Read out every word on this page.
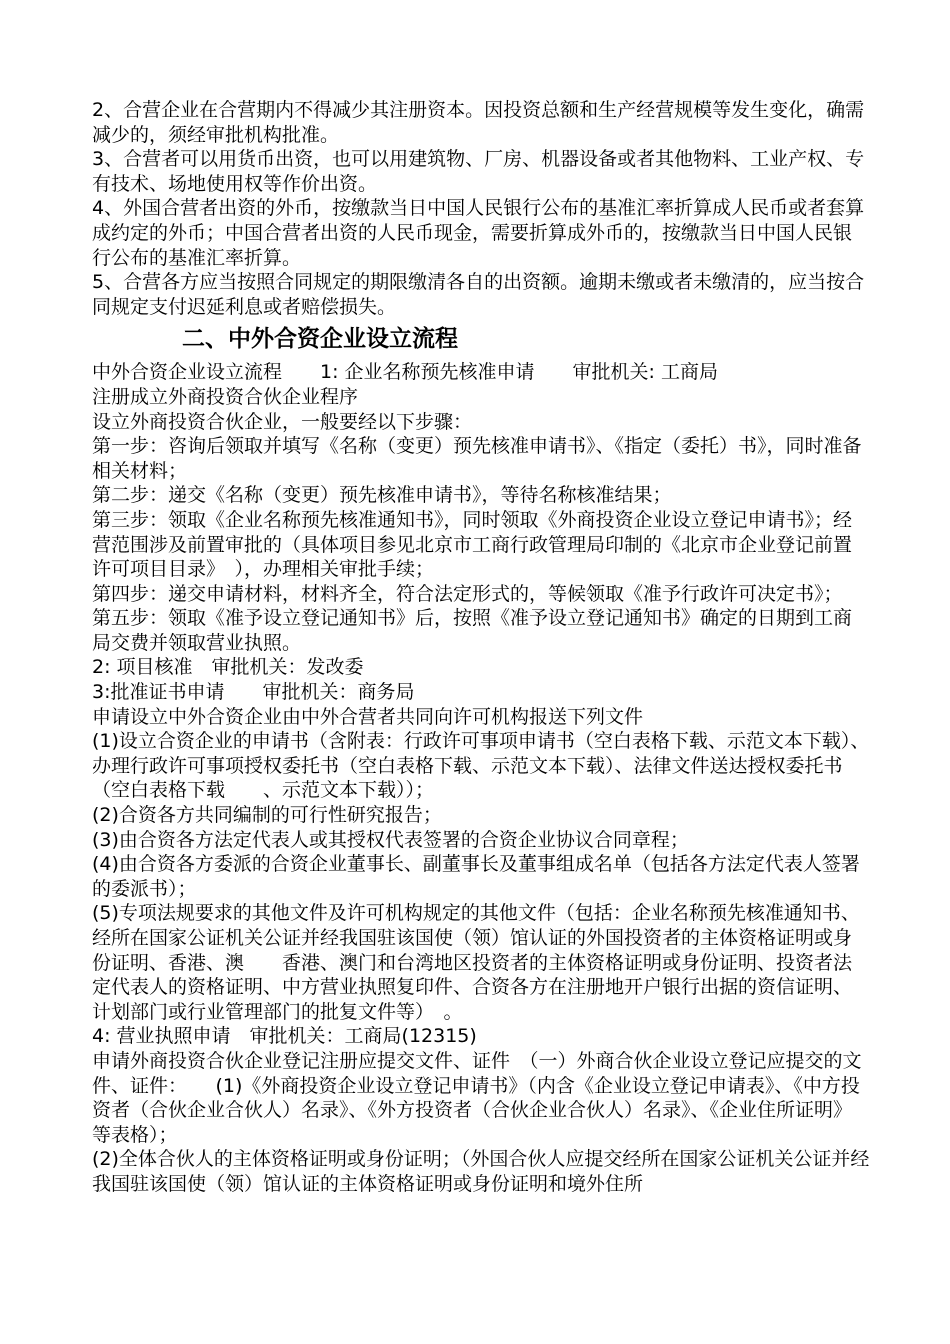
2、合营企业在合营期内不得减少其注册资本。因投资总额和生产经营规模等发生变化，确需减少的，须经审批机构批准。

3、合营者可以用货币出资，也可以用建筑物、厂房、机器设备或者其他物料、工业产权、专有技术、场地使用权等作价出资。

4、外国合营者出资的外币，按缴款当日中国人民银行公布的基准汇率折算成人民币或者套算成约定的外币；中国合营者出资的人民币现金，需要折算成外币的，按缴款当日中国人民银行公布的基准汇率折算。

5、合营各方应当按照合同规定的期限缴清各自的出资额。逾期未缴或者未缴清的，应当按合同规定支付迟延利息或者赔偿损失。

二、中外合资企业设立流程

中外合资企业设立流程　　1: 企业名称预先核准申请　　审批机关: 工商局

注册成立外商投资合伙企业程序

设立外商投资合伙企业，一般要经以下步骤：

第一步：咨询后领取并填写《名称（变更）预先核准申请书》、《指定（委托）书》，同时准备相关材料；

第二步：递交《名称（变更）预先核准申请书》，等待名称核准结果；

第三步：领取《企业名称预先核准通知书》，同时领取《外商投资企业设立登记申请书》；经营范围涉及前置审批的（具体项目参见北京市工商行政管理局印制的《北京市企业登记前置许可项目目录》　），办理相关审批手续；

第四步：递交申请材料，材料齐全，符合法定形式的，等候领取《准予行政许可决定书》；　　第五步：领取《准予设立登记通知书》后，按照《准予设立登记通知书》确定的日期到工商局交费并领取营业执照。

2: 项目核准　审批机关：发改委

3:批准证书申请　　审批机关：商务局

申请设立中外合资企业由中外合营者共同向许可机构报送下列文件

(1)设立合资企业的申请书（含附表：行政许可事项申请书（空白表格下载、示范文本下载）、办理行政许可事项授权委托书（空白表格下载、示范文本下载）、法律文件送达授权委托书（空白表格下载　　、示范文本下载））；

(2)合资各方共同编制的可行性研究报告；

(3)由合资各方法定代表人或其授权代表签署的合资企业协议合同章程；

(4)由合资各方委派的合资企业董事长、副董事长及董事组成名单（包括各方法定代表人签署的委派书）；

(5)专项法规要求的其他文件及许可机构规定的其他文件（包括：企业名称预先核准通知书、经所在国家公证机关公证并经我国驻该国使（领）馆认证的外国投资者的主体资格证明或身份证明、香港、澳　　香港、澳门和台湾地区投资者的主体资格证明或身份证明、投资者法定代表人的资格证明、中方营业执照复印件、合资各方在注册地开户银行出据的资信证明、计划部门或行业管理部门的批复文件等）　。

4: 营业执照申请　审批机关：工商局(12315)

申请外商投资合伙企业登记注册应提交文件、证件　（一）外商合伙企业设立登记应提交的文件、证件：　　(1)《外商投资企业设立登记申请书》（内含《企业设立登记申请表》、《中方投资者（合伙企业合伙人）名录》、《外方投资者（合伙企业合伙人）名录》、《企业住所证明》等表格）；

(2)全体合伙人的主体资格证明或身份证明；（外国合伙人应提交经所在国家公证机关公证并经我国驻该国使（领）馆认证的主体资格证明或身份证明和境外住所
